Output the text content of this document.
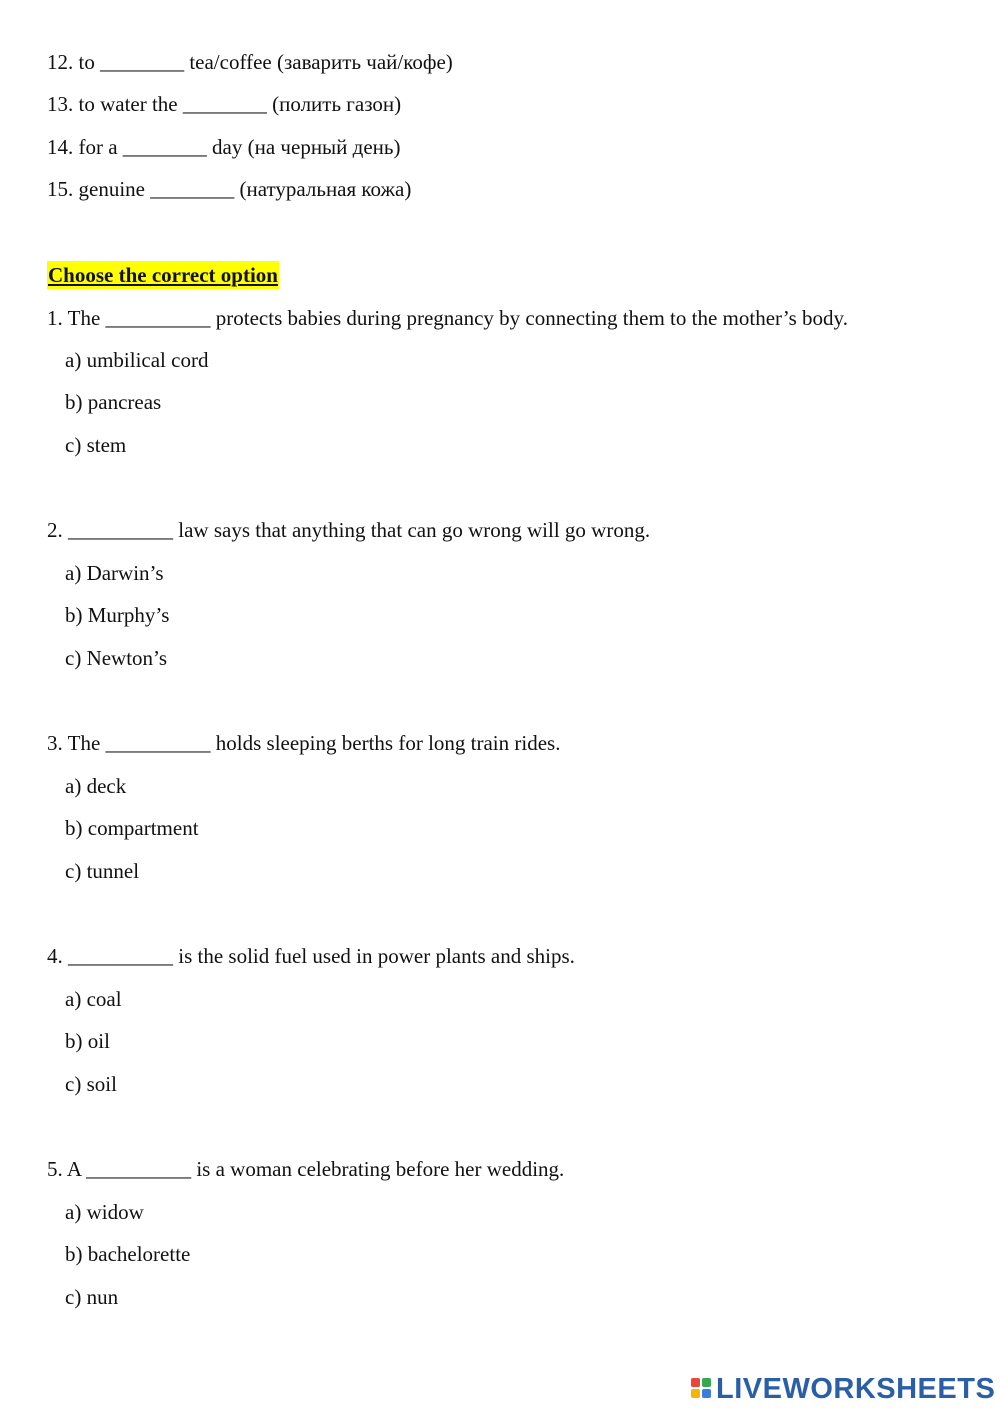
12. to ________ tea/coffee (заварить чай/кофе)
13. to water the ________ (полить газон)
14. for a ________ day (на черный день)
15. genuine ________ (натуральная кожа)
Choose the correct option
1. The __________ protects babies during pregnancy by connecting them to the mother’s body.
a) umbilical cord
b) pancreas
c) stem
2. __________ law says that anything that can go wrong will go wrong.
a) Darwin’s
b) Murphy’s
c) Newton’s
3. The __________ holds sleeping berths for long train rides.
a) deck
b) compartment
c) tunnel
4. __________ is the solid fuel used in power plants and ships.
a) coal
b) oil
c) soil
5. A __________ is a woman celebrating before her wedding.
a) widow
b) bachelorette
c) nun
LIVEWORKSHEETS
